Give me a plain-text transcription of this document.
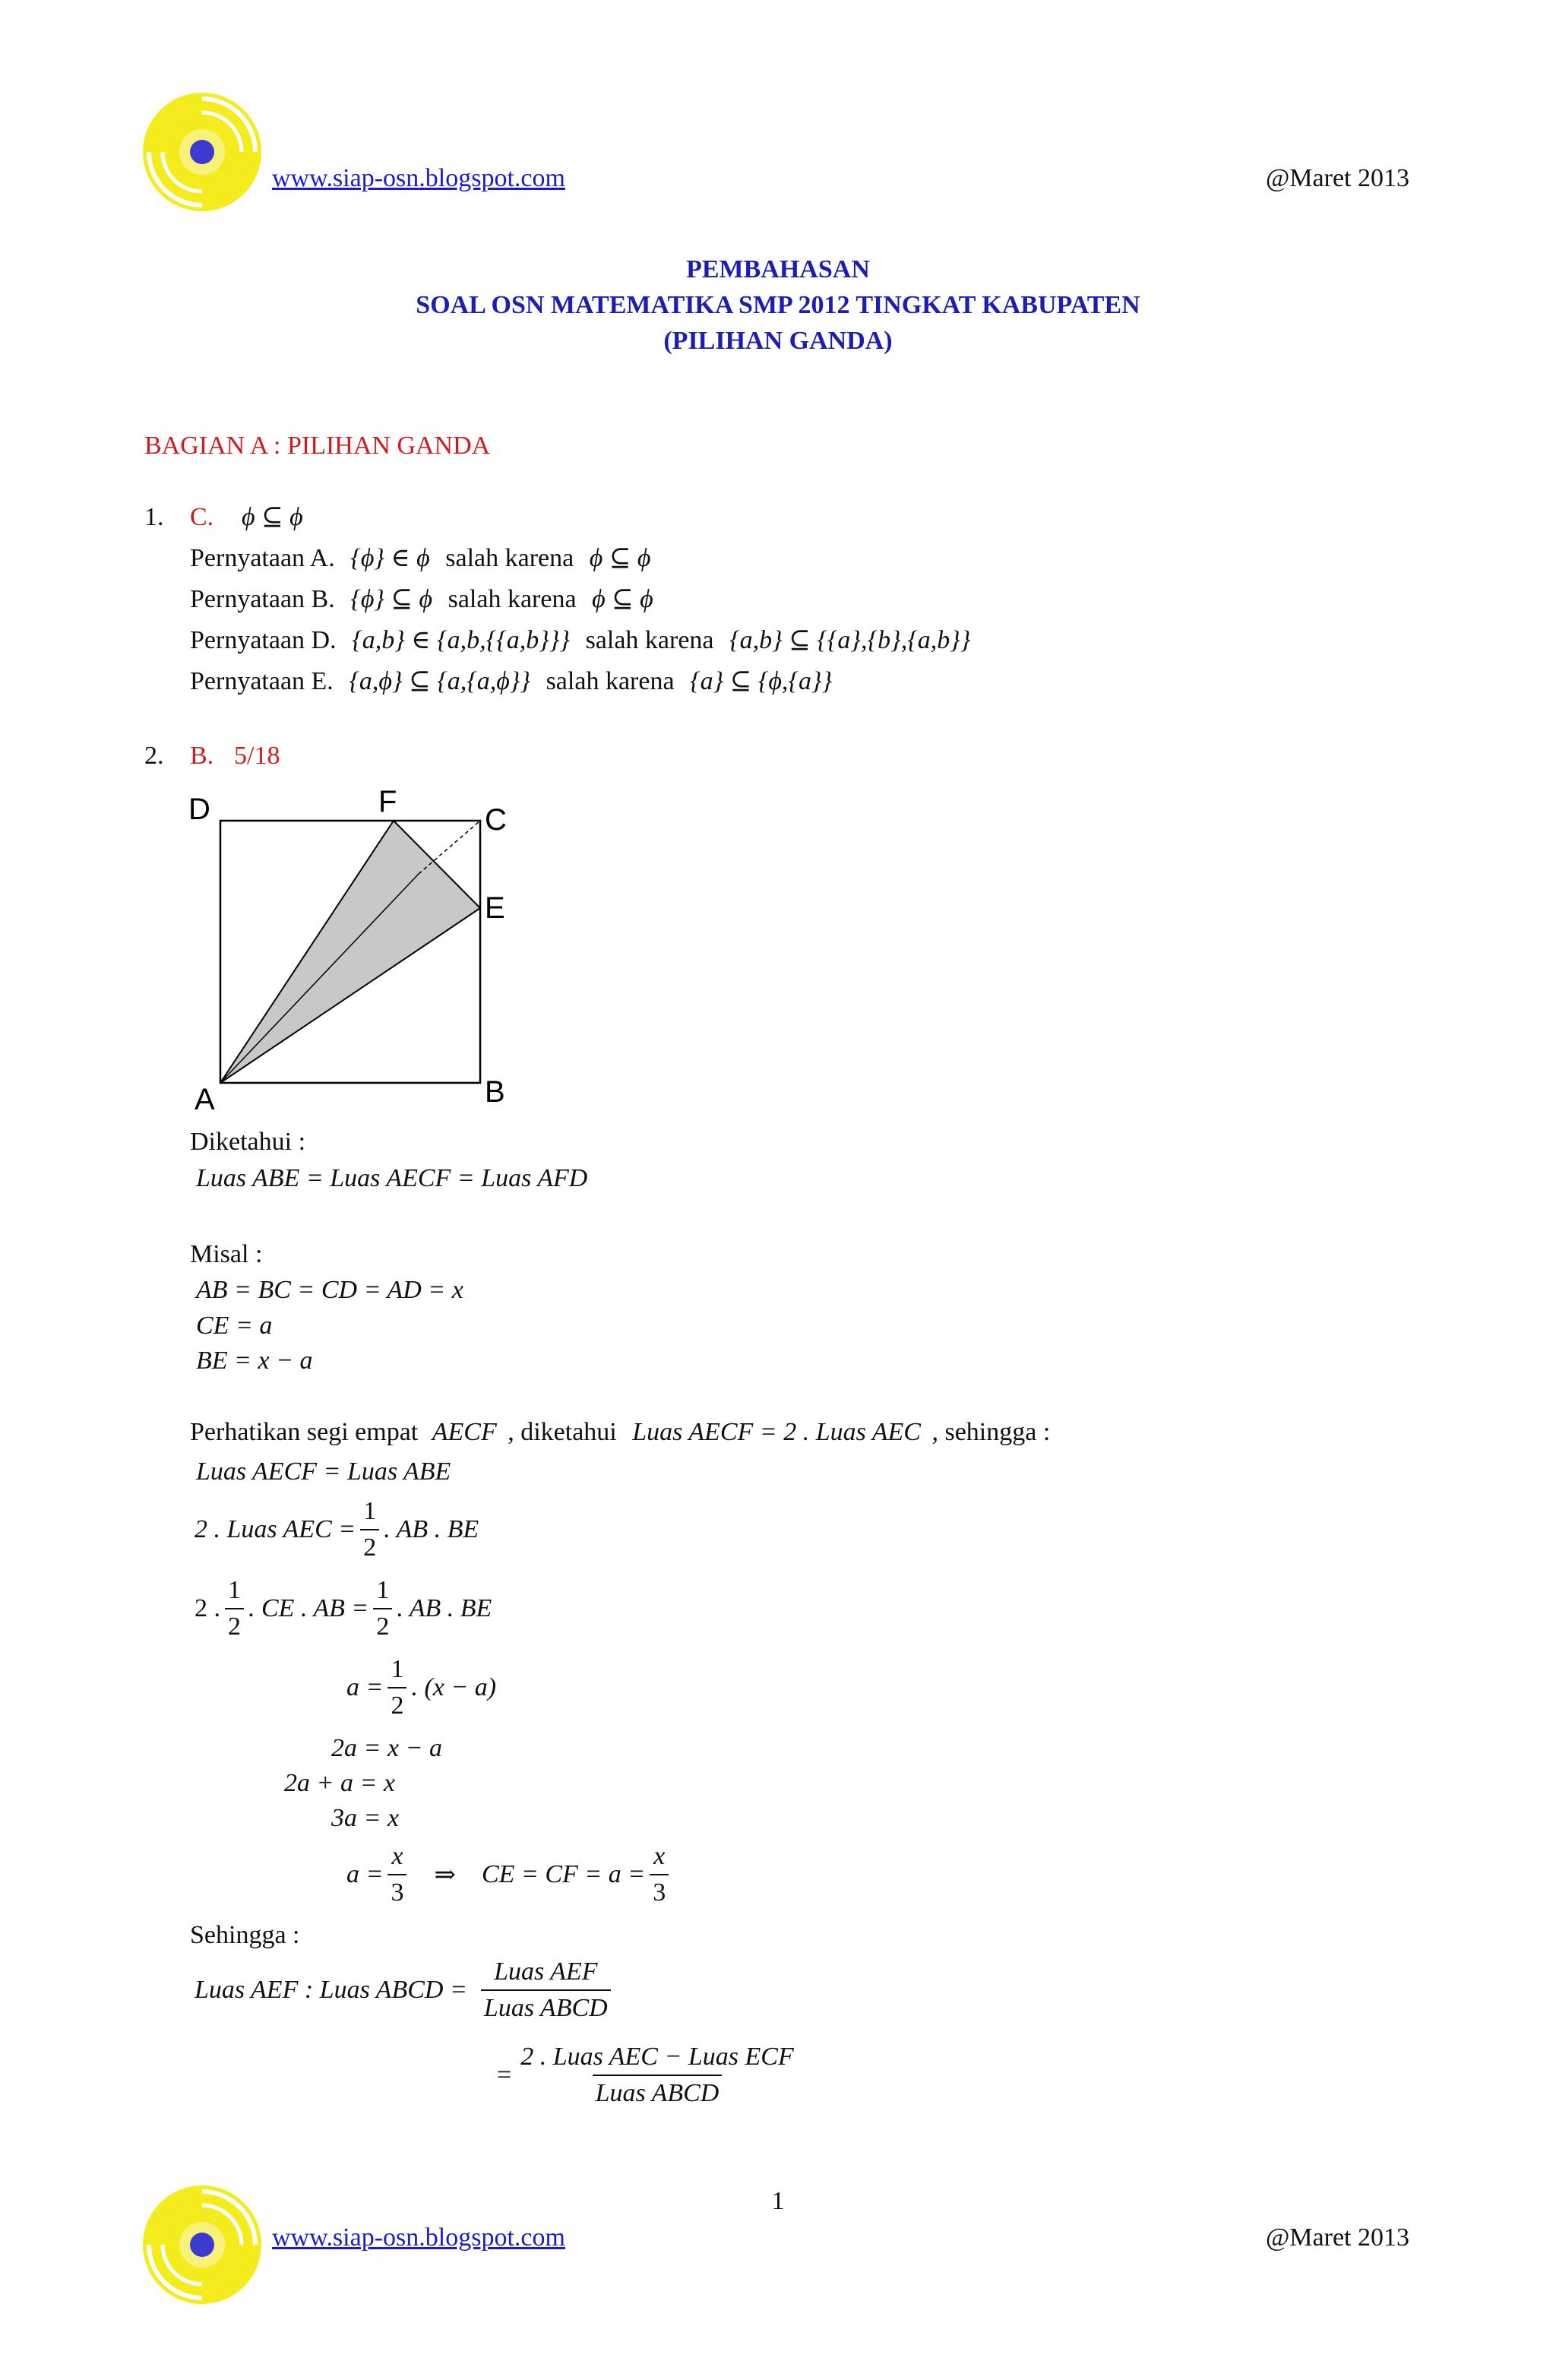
www.siap-osn.blogspot.com	@Maret 2013
PEMBAHASAN
SOAL OSN MATEMATIKA SMP 2012 TINGKAT KABUPATEN
(PILIHAN GANDA)
BAGIAN A : PILIHAN GANDA
1. C. ϕ ⊆ ϕ
Pernyataan A. {ϕ} ∈ ϕ salah karena ϕ ⊆ ϕ
Pernyataan B. {ϕ} ⊆ ϕ salah karena ϕ ⊆ ϕ
Pernyataan D. {a,b} ∈ {a,b,{{a,b}}} salah karena {a,b} ⊆ {{a},{b},{a,b}}
Pernyataan E. {a,ϕ} ⊆ {a,{a,ϕ}} salah karena {a} ⊆ {ϕ,{a}}
2. B. 5/18
D	F
C
E
A	B
Diketahui :
Luas ABE = Luas AECF = Luas AFD
Misal :
AB = BC = CD = AD = x
CE = a
BE = x − a
Perhatikan segi empat AECF , diketahui Luas AECF = 2 . Luas AEC , sehingga :
Luas AECF = Luas ABE
2 . Luas AEC = $\frac{1}{2}$ . AB . BE
2 . $\frac{1}{2}$ . CE . AB = $\frac{1}{2}$ . AB . BE
$a = \frac{1}{2}$ . (x − a)
2a = x − a
2a + a = x
3a = x
$a = \frac{x}{3}$ ⇒ CE = CF = $a = \frac{x}{3}$
Sehingga :
Luas AEF : Luas ABCD = $\frac{\text{Luas AEF}}{\text{Luas ABCD}}$
= $\frac{\text{2 . Luas AEC − Luas ECF}}{\text{Luas ABCD}}$
1
www.siap-osn.blogspot.com	@Maret 2013
